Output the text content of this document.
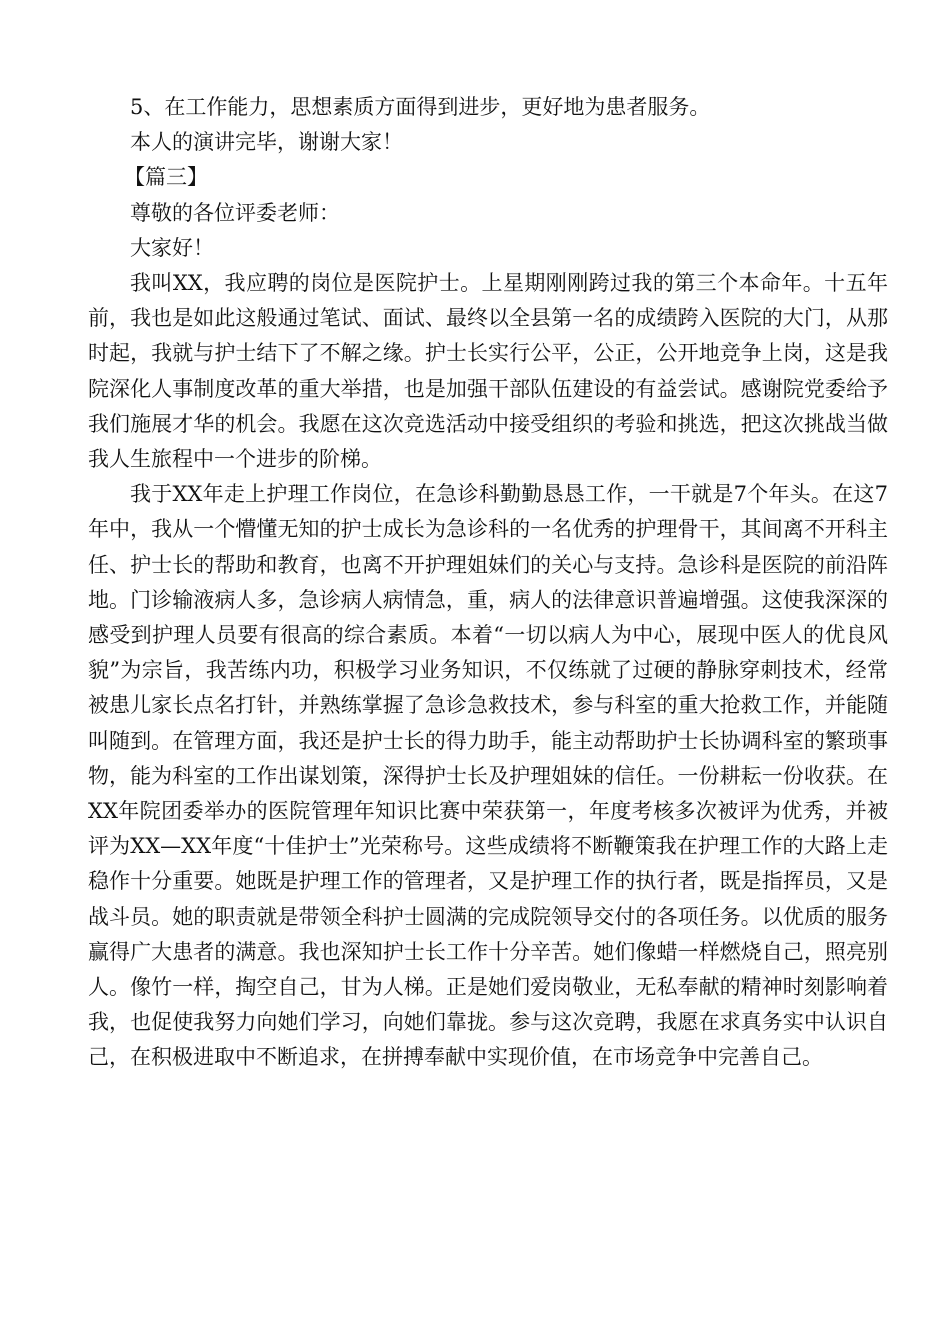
5、在工作能力，思想素质方面得到进步，更好地为患者服务。

本人的演讲完毕，谢谢大家！

【篇三】

尊敬的各位评委老师：

大家好！

我叫XX，我应聘的岗位是医院护士。上星期刚刚跨过我的第三个本命年。十五年前，我也是如此这般通过笔试、面试、最终以全县第一名的成绩跨入医院的大门，从那时起，我就与护士结下了不解之缘。护士长实行公平，公正，公开地竞争上岗，这是我院深化人事制度改革的重大举措，也是加强干部队伍建设的有益尝试。感谢院党委给予我们施展才华的机会。我愿在这次竞选活动中接受组织的考验和挑选，把这次挑战当做我人生旅程中一个进步的阶梯。

我于XX年走上护理工作岗位，在急诊科勤勤恳恳工作，一干就是7个年头。在这7年中，我从一个懵懂无知的护士成长为急诊科的一名优秀的护理骨干，其间离不开科主任、护士长的帮助和教育，也离不开护理姐妹们的关心与支持。急诊科是医院的前沿阵地。门诊输液病人多，急诊病人病情急，重，病人的法律意识普遍增强。这使我深深的感受到护理人员要有很高的综合素质。本着“一切以病人为中心，展现中医人的优良风貌”为宗旨，我苦练内功，积极学习业务知识，不仅练就了过硬的静脉穿刺技术，经常被患儿家长点名打针，并熟练掌握了急诊急救技术，参与科室的重大抢救工作，并能随叫随到。在管理方面，我还是护士长的得力助手，能主动帮助护士长协调科室的繁琐事物，能为科室的工作出谋划策，深得护士长及护理姐妹的信任。一份耕耘一份收获。在XX年院团委举办的医院管理年知识比赛中荣获第一，年度考核多次被评为优秀，并被评为XX—XX年度“十佳护士”光荣称号。这些成绩将不断鞭策我在护理工作的大路上走稳作十分重要。她既是护理工作的管理者，又是护理工作的执行者，既是指挥员，又是战斗员。她的职责就是带领全科护士圆满的完成院领导交付的各项任务。以优质的服务赢得广大患者的满意。我也深知护士长工作十分辛苦。她们像蜡一样燃烧自己，照亮别人。像竹一样，掏空自己，甘为人梯。正是她们爱岗敬业，无私奉献的精神时刻影响着我，也促使我努力向她们学习，向她们靠拢。参与这次竞聘，我愿在求真务实中认识自己，在积极进取中不断追求，在拼搏奉献中实现价值，在市场竞争中完善自己。
